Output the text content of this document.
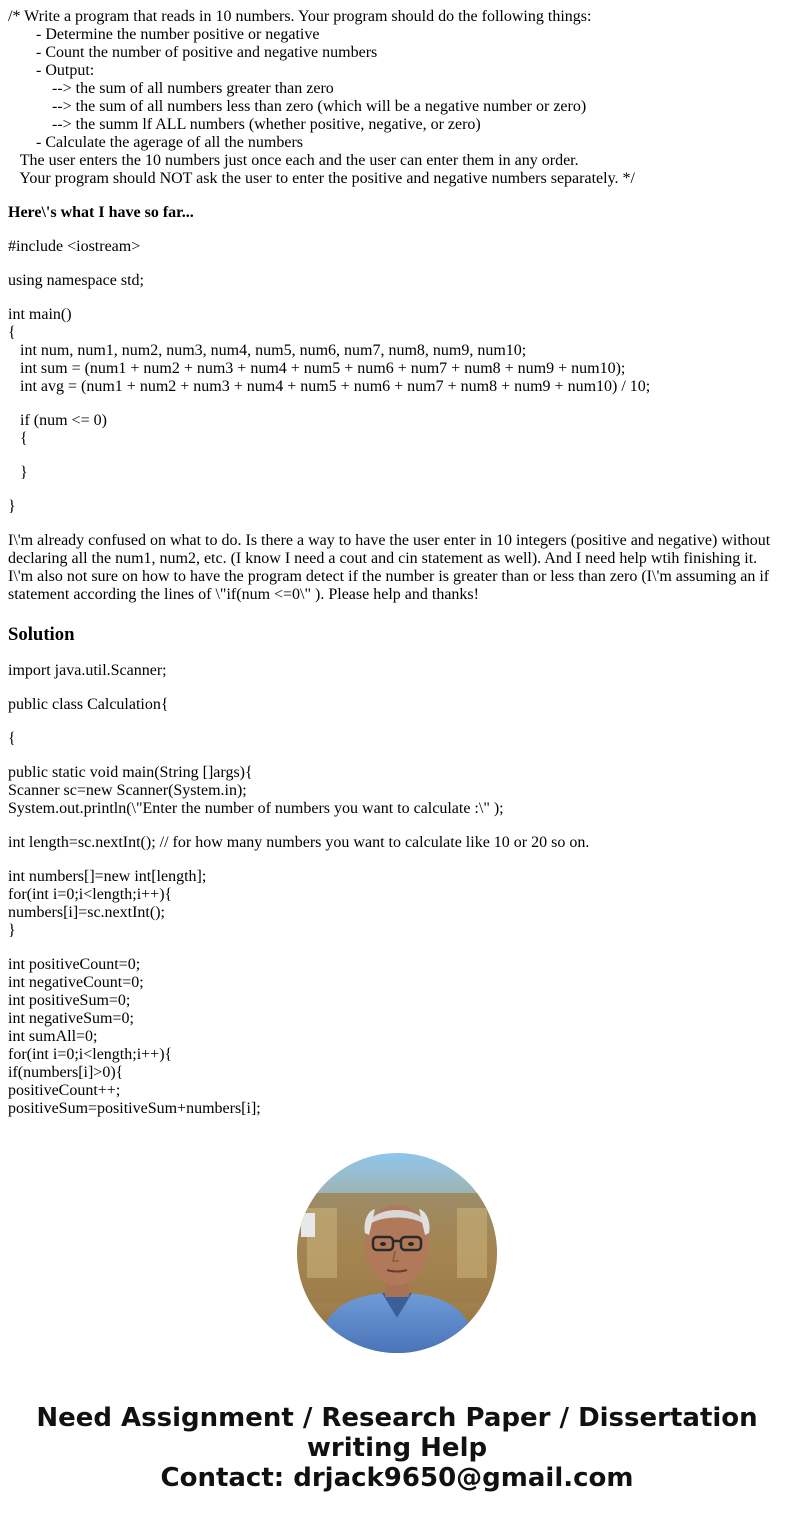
/* Write a program that reads in 10 numbers. Your program should do the following things:
- Determine the number positive or negative
- Count the number of positive and negative numbers
- Output:
--> the sum of all numbers greater than zero
--> the sum of all numbers less than zero (which will be a negative number or zero)
--> the summ lf ALL numbers (whether positive, negative, or zero)
- Calculate the agerage of all the numbers
The user enters the 10 numbers just once each and the user can enter them in any order.
Your program should NOT ask the user to enter the positive and negative numbers separately. */
Here\'s what I have so far...
#include <iostream>
using namespace std;
int main()
{
int num, num1, num2, num3, num4, num5, num6, num7, num8, num9, num10;
int sum = (num1 + num2 + num3 + num4 + num5 + num6 + num7 + num8 + num9 + num10);
int avg = (num1 + num2 + num3 + num4 + num5 + num6 + num7 + num8 + num9 + num10) / 10;
if (num <= 0)
{
}
}
I\'m already confused on what to do. Is there a way to have the user enter in 10 integers (positive and negative) without declaring all the num1, num2, etc. (I know I need a cout and cin statement as well). And I need help wtih finishing it. I\'m also not sure on how to have the program detect if the number is greater than or less than zero (I\'m assuming an if statement according the lines of \"if(num <=0\" ). Please help and thanks!
Solution
import java.util.Scanner;
public class Calculation{
{
public static void main(String []args){
Scanner sc=new Scanner(System.in);
System.out.println(\"Enter the number of numbers you want to calculate :\" );
int length=sc.nextInt(); // for how many numbers you want to calculate like 10 or 20 so on.
int numbers[]=new int[length];
for(int i=0;i<length;i++){
numbers[i]=sc.nextInt();
}
int positiveCount=0;
int negativeCount=0;
int positiveSum=0;
int negativeSum=0;
int sumAll=0;
for(int i=0;i<length;i++){
if(numbers[i]>0){
positiveCount++;
positiveSum=positiveSum+numbers[i];
Need Assignment / Research Paper / Dissertation writing Help
Contact: drjack9650@gmail.com
